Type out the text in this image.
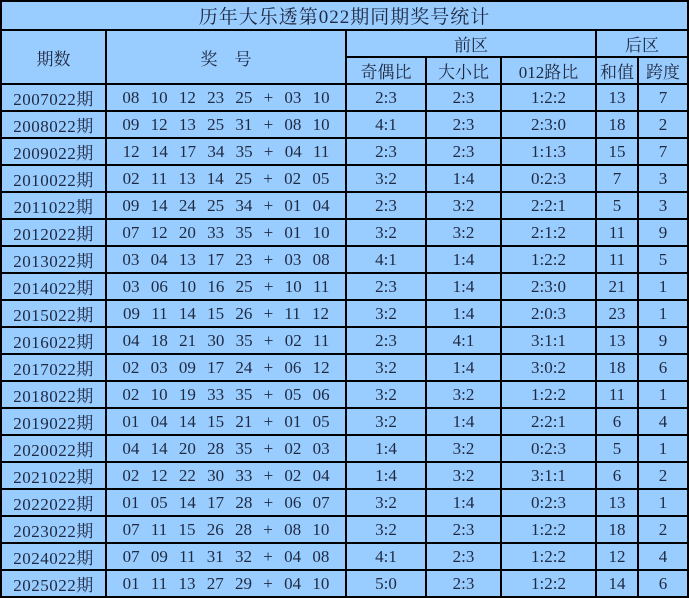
历年大乐透第022期同期奖号统计						
期数	奖　号	前区			后区	
		奇偶比	大小比	012路比	和值	跨度
2007022期	08 10 12 23 25 + 03 10	2:3	2:3	1:2:2	13	7
2008022期	09 12 13 25 31 + 08 10	4:1	2:3	2:3:0	18	2
2009022期	12 14 17 34 35 + 04 11	2:3	2:3	1:1:3	15	7
2010022期	02 11 13 14 25 + 02 05	3:2	1:4	0:2:3	7	3
2011022期	09 14 24 25 34 + 01 04	2:3	3:2	2:2:1	5	3
2012022期	07 12 20 33 35 + 01 10	3:2	3:2	2:1:2	11	9
2013022期	03 04 13 17 23 + 03 08	4:1	1:4	1:2:2	11	5
2014022期	03 06 10 16 25 + 10 11	2:3	1:4	2:3:0	21	1
2015022期	09 11 14 15 26 + 11 12	3:2	1:4	2:0:3	23	1
2016022期	04 18 21 30 35 + 02 11	2:3	4:1	3:1:1	13	9
2017022期	02 03 09 17 24 + 06 12	3:2	1:4	3:0:2	18	6
2018022期	02 10 19 33 35 + 05 06	3:2	3:2	1:2:2	11	1
2019022期	01 04 14 15 21 + 01 05	3:2	1:4	2:2:1	6	4
2020022期	04 14 20 28 35 + 02 03	1:4	3:2	0:2:3	5	1
2021022期	02 12 22 30 33 + 02 04	1:4	3:2	3:1:1	6	2
2022022期	01 05 14 17 28 + 06 07	3:2	1:4	0:2:3	13	1
2023022期	07 11 15 26 28 + 08 10	3:2	2:3	1:2:2	18	2
2024022期	07 09 11 31 32 + 04 08	4:1	2:3	1:2:2	12	4
2025022期	01 11 13 27 29 + 04 10	5:0	2:3	1:2:2	14	6
